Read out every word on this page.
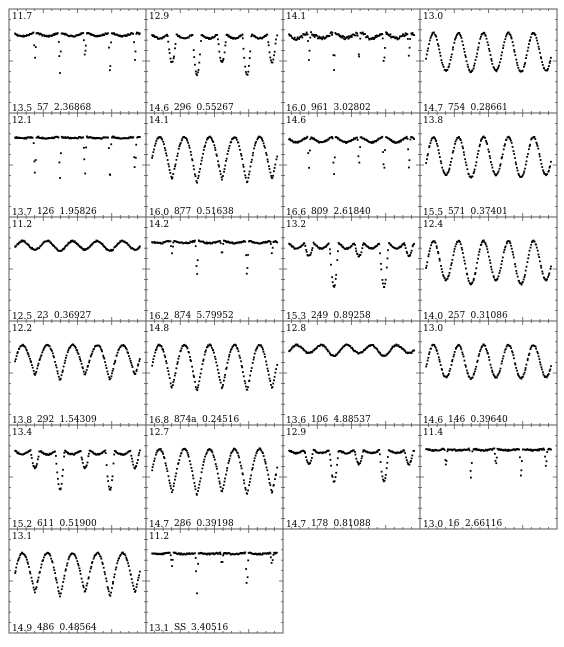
11.7
13.5 57 2.36868
12.9
14.6 296 0.55267
14.1
16.0 961 3.02802
13.0
14.7 754 0.28661
12.1
13.7 126 1.95826
14.1
16.0 877 0.51638
14.6
16.6 809 2.61840
13.8
15.5 571 0.37401
11.2
12.5 23 0.36927
14.2
16.2 874 5.79952
13.2
15.3 249 0.89258
12.4
14.0 257 0.31086
12.2
13.8 292 1.54309
14.8
16.8 874a 0.24516
12.8
13.6 106 4.88537
13.0
14.6 146 0.39640
13.4
15.2 611 0.51900
12.7
14.7 286 0.39198
12.9
14.7 178 0.81088
11.4
13.0 16 2.66116
13.1
14.9 486 0.48564
11.2
13.1 SS 3.40516
